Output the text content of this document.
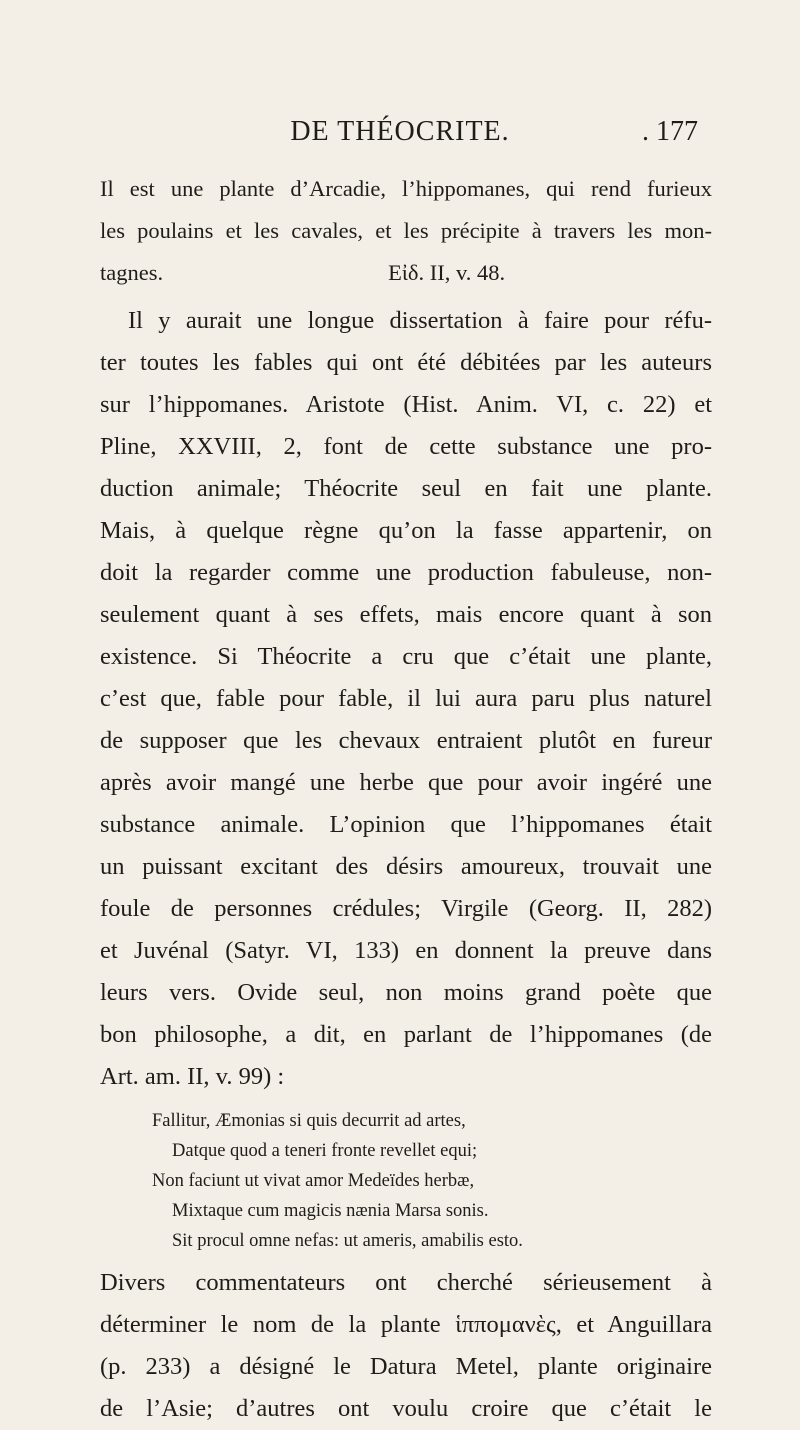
DE THÉOCRITE.	. 177
Il est une plante d’Arcadie, l’hippomanes, qui rend furieux
les poulains et les cavales, et les précipite à travers les mon-
tagnes.                                        Εἰδ. II, v. 48.
Il y aurait une longue dissertation à faire pour réfu-
ter toutes les fables qui ont été débitées par les auteurs
sur l’hippomanes. Aristote (Hist. Anim. VI, c. 22) et
Pline, XXVIII, 2, font de cette substance une pro-
duction animale; Théocrite seul en fait une plante.
Mais, à quelque règne qu’on la fasse appartenir, on
doit la regarder comme une production fabuleuse, non-
seulement quant à ses effets, mais encore quant à son
existence. Si Théocrite a cru que c’était une plante,
c’est que, fable pour fable, il lui aura paru plus naturel
de supposer que les chevaux entraient plutôt en fureur
après avoir mangé une herbe que pour avoir ingéré une
substance animale. L’opinion que l’hippomanes était
un puissant excitant des désirs amoureux, trouvait une
foule de personnes crédules; Virgile (Georg. II, 282)
et Juvénal (Satyr. VI, 133) en donnent la preuve dans
leurs vers. Ovide seul, non moins grand poète que
bon philosophe, a dit, en parlant de l’hippomanes (de
Art. am. II, v. 99) :
Fallitur, Æmonias si quis decurrit ad artes,
Datque quod a teneri fronte revellet equi;
Non faciunt ut vivat amor Medeïdes herbæ,
Mixtaque cum magicis nænia Marsa sonis.
Sit procul omne nefas: ut ameris, amabilis esto.
Divers commentateurs ont cherché sérieusement à
déterminer le nom de la plante ἱππομανὲς, et Anguillara
(p. 233) a désigné le Datura Metel, plante originaire
de l’Asie; d’autres ont voulu croire que c’était le
